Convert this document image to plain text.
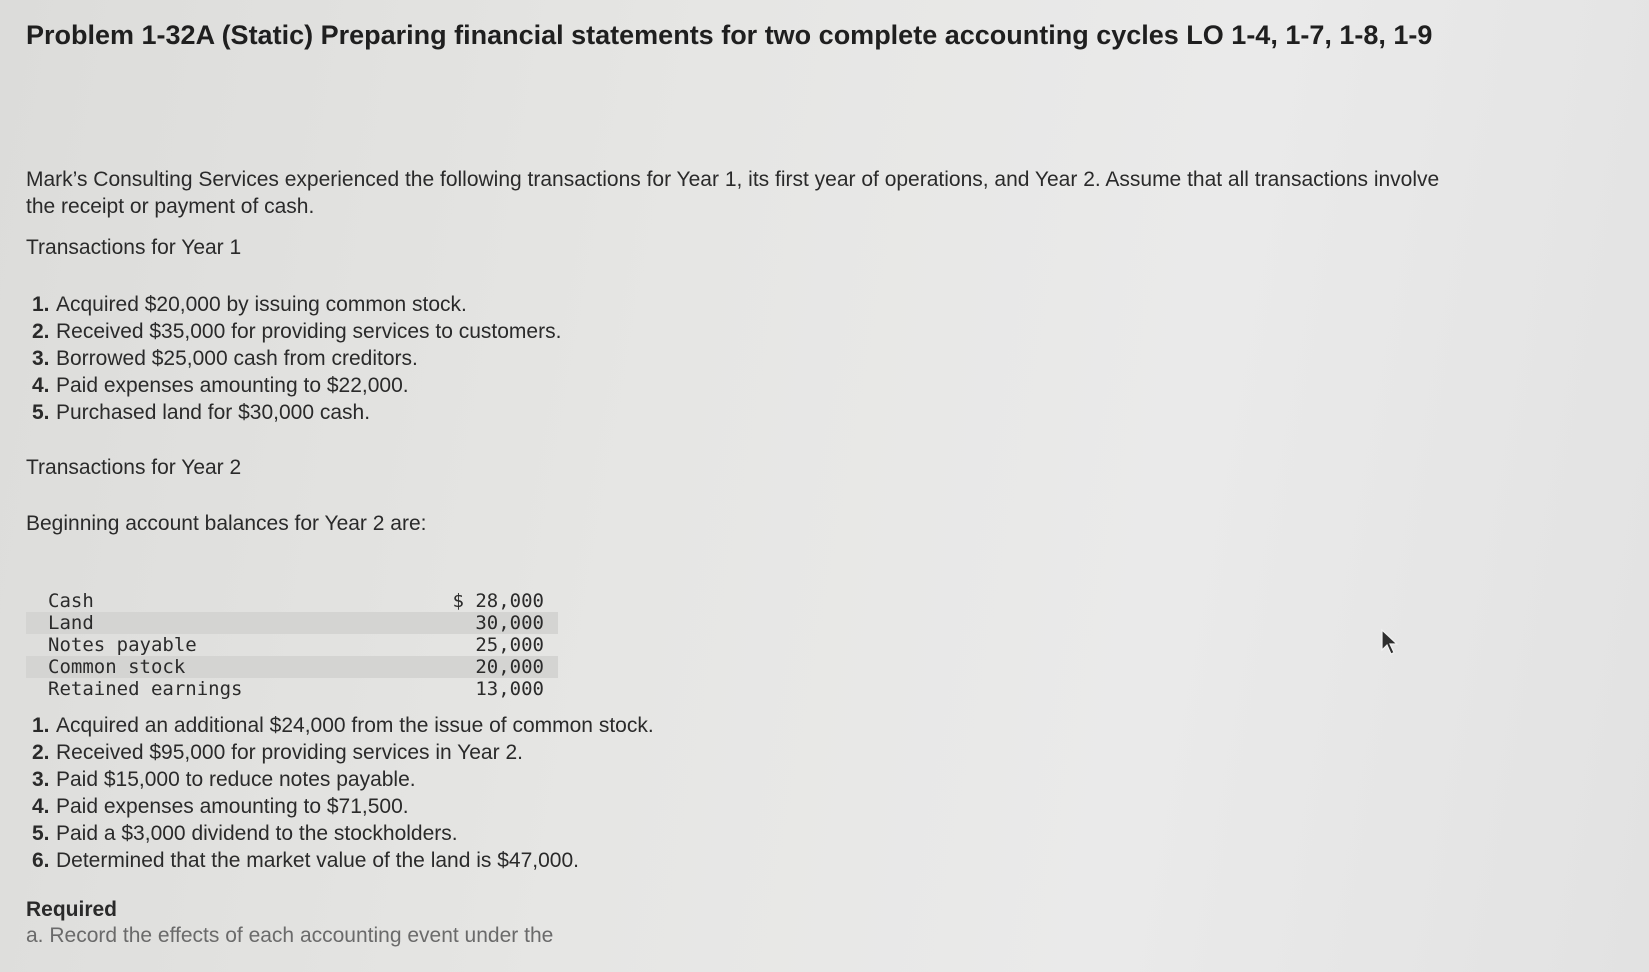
Problem 1-32A (Static) Preparing financial statements for two complete accounting cycles LO 1-4, 1-7, 1-8, 1-9

Mark’s Consulting Services experienced the following transactions for Year 1, its first year of operations, and Year 2. Assume that all transactions involve the receipt or payment of cash.

Transactions for Year 1

1. Acquired $20,000 by issuing common stock.
2. Received $35,000 for providing services to customers.
3. Borrowed $25,000 cash from creditors.
4. Paid expenses amounting to $22,000.
5. Purchased land for $30,000 cash.

Transactions for Year 2

Beginning account balances for Year 2 are:

Cash	$ 28,000
Land	30,000
Notes payable	25,000
Common stock	20,000
Retained earnings	13,000
1. Acquired an additional $24,000 from the issue of common stock.
2. Received $95,000 for providing services in Year 2.
3. Paid $15,000 to reduce notes payable.
4. Paid expenses amounting to $71,500.
5. Paid a $3,000 dividend to the stockholders.
6. Determined that the market value of the land is $47,000.

Required

a. Record the effects of each accounting event under the
